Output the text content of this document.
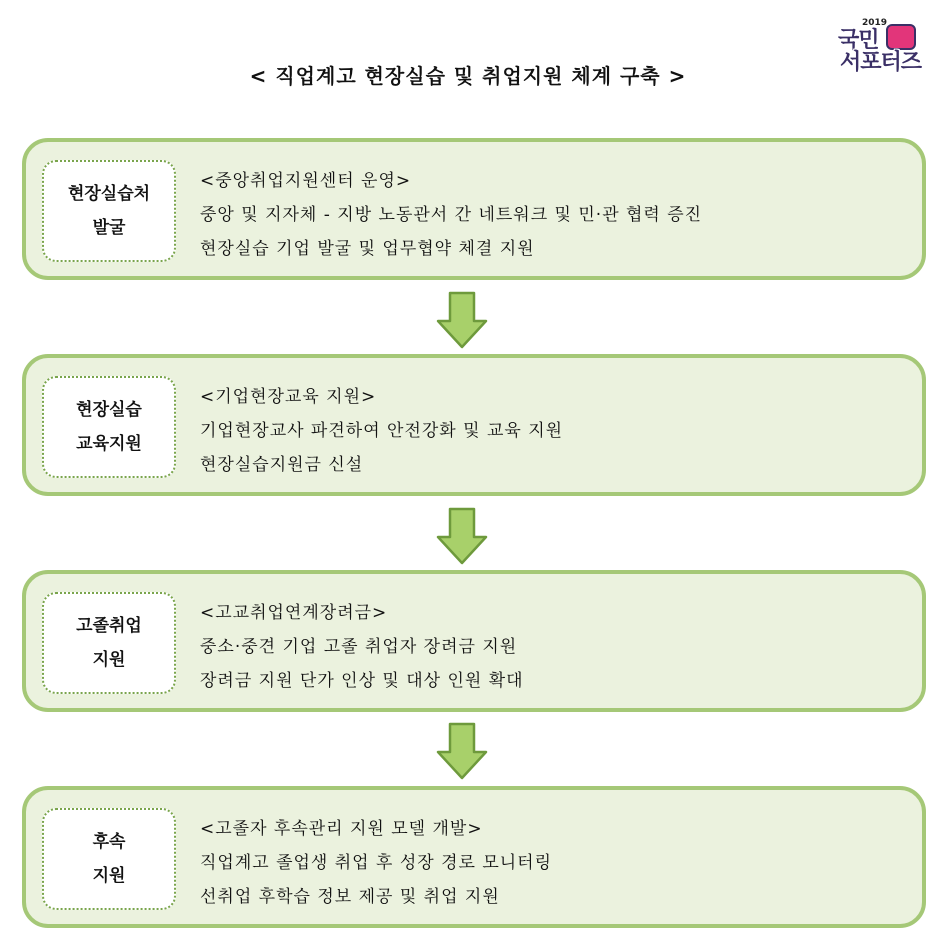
< 직업계고 현장실습 및 취업지원 체계 구축 >
2019
국민
서포터즈
현장실습처
발굴
<중앙취업지원센터 운영>
중앙 및 지자체 - 지방 노동관서 간 네트워크 및 민·관 협력 증진
현장실습 기업 발굴 및 업무협약 체결 지원
현장실습
교육지원
<기업현장교육 지원>
기업현장교사 파견하여 안전강화 및 교육 지원
현장실습지원금 신설
고졸취업
지원
<고교취업연계장려금>
중소·중견 기업 고졸 취업자 장려금 지원
장려금 지원 단가 인상 및 대상 인원 확대
후속
지원
<고졸자 후속관리 지원 모델 개발>
직업계고 졸업생 취업 후 성장 경로 모니터링
선취업 후학습 정보 제공 및 취업 지원
